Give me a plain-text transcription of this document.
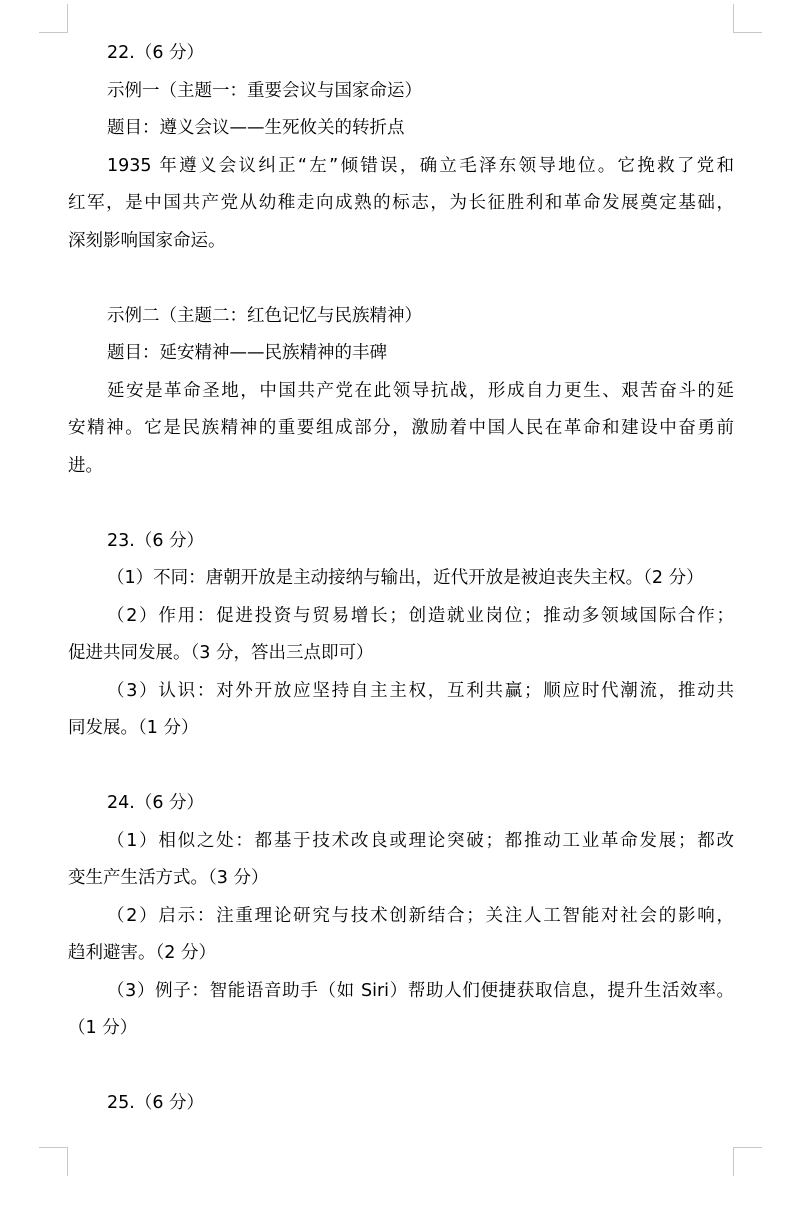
22.（6 分）
示例一（主题一：重要会议与国家命运）
题目：遵义会议——生死攸关的转折点
1935 年遵义会议纠正“左”倾错误，确立毛泽东领导地位。它挽救了党和
红军，是中国共产党从幼稚走向成熟的标志，为长征胜利和革命发展奠定基础，
深刻影响国家命运。
示例二（主题二：红色记忆与民族精神）
题目：延安精神——民族精神的丰碑
延安是革命圣地，中国共产党在此领导抗战，形成自力更生、艰苦奋斗的延
安精神。它是民族精神的重要组成部分，激励着中国人民在革命和建设中奋勇前
进。
23.（6 分）
（1）不同：唐朝开放是主动接纳与输出，近代开放是被迫丧失主权。（2 分）
（2）作用：促进投资与贸易增长；创造就业岗位；推动多领域国际合作；
促进共同发展。（3 分，答出三点即可）
（3）认识：对外开放应坚持自主主权，互利共赢；顺应时代潮流，推动共
同发展。（1 分）
24.（6 分）
（1）相似之处：都基于技术改良或理论突破；都推动工业革命发展；都改
变生产生活方式。（3 分）
（2）启示：注重理论研究与技术创新结合；关注人工智能对社会的影响，
趋利避害。（2 分）
（3）例子：智能语音助手（如 Siri）帮助人们便捷获取信息，提升生活效率。
（1 分）
25.（6 分）
